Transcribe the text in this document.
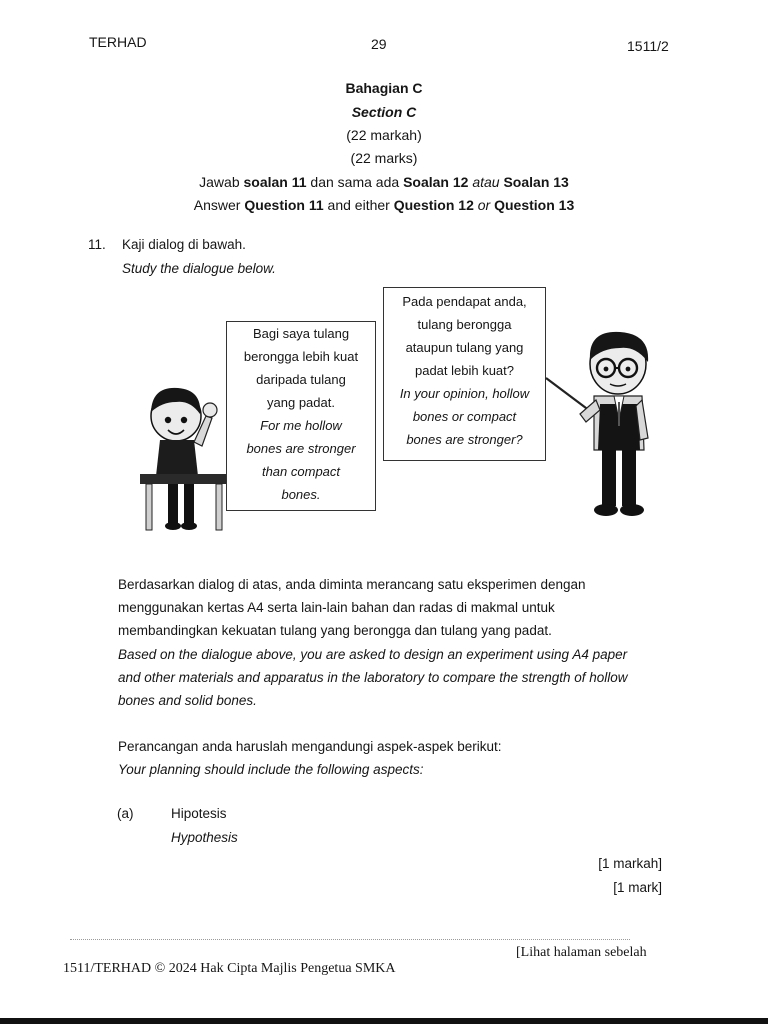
TERHAD	29	1511/2
Bahagian C
Section C
(22 markah)
(22 marks)
Jawab soalan 11 dan sama ada Soalan 12 atau Soalan 13
Answer Question 11 and either Question 12 or Question 13
11. Kaji dialog di bawah.
Study the dialogue below.
Bagi saya tulang
berongga lebih kuat
daripada tulang
yang padat.
For me hollow
bones are stronger
than compact
bones.
Pada pendapat anda,
tulang berongga
ataupun tulang yang
padat lebih kuat?
In your opinion, hollow
bones or compact
bones are stronger?
Berdasarkan dialog di atas, anda diminta merancang satu eksperimen dengan
menggunakan kertas A4 serta lain-lain bahan dan radas di makmal untuk
membandingkan kekuatan tulang yang berongga dan tulang yang padat.
Based on the dialogue above, you are asked to design an experiment using A4 paper
and other materials and apparatus in the laboratory to compare the strength of hollow
bones and solid bones.
Perancangan anda haruslah mengandungi aspek-aspek berikut:
Your planning should include the following aspects:
(a)	Hipotesis
Hypothesis
[1 markah]
[1 mark]
[Lihat halaman sebelah
1511/TERHAD © 2024 Hak Cipta Majlis Pengetua SMKA
